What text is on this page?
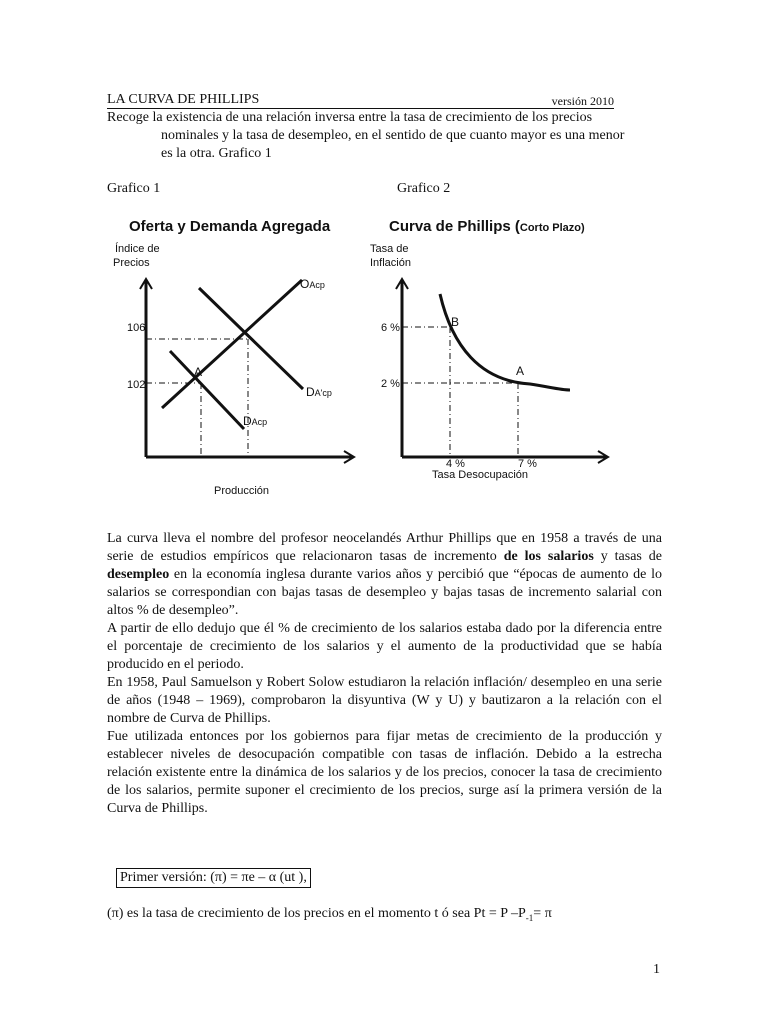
LA CURVA DE PHILLIPS	versión 2010
Recoge la existencia de una relación inversa entre la tasa de crecimiento de los precios
nominales y la tasa de desempleo, en el sentido de que cuanto mayor es una menor
es la otra. Grafico 1
Grafico 1	Grafico 2
Oferta y Demanda Agregada
Índice de
Precios
OAcp
DA'cp
DAcp
106
102
A
Producción
Curva de Phillips (Corto Plazo)
Tasa de
Inflación
6 %
2 %
4 %	7 %
Tasa Desocupación
B
A

La curva lleva el nombre del profesor neocelandés Arthur Phillips que en 1958 a través de una serie de estudios empíricos que relacionaron tasas de incremento de los salarios y tasas de desempleo en la economía inglesa durante varios años y percibió que “épocas de aumento de lo salarios se correspondian con bajas tasas de desempleo y bajas tasas de incremento salarial con altos % de desempleo”.

A partir de ello dedujo que él % de crecimiento de los salarios estaba dado por la diferencia entre el porcentaje de crecimiento de los salarios y el aumento de la productividad que se había producido en el periodo.

En 1958, Paul Samuelson y Robert Solow estudiaron la relación inflación/ desempleo en una serie de años (1948 – 1969), comprobaron la disyuntiva (W y U) y bautizaron a la relación con el nombre de Curva de Phillips.

Fue utilizada entonces por los gobiernos para fijar metas de crecimiento de la producción y establecer niveles de desocupación compatible con tasas de inflación. Debido a la estrecha relación existente entre la dinámica de los salarios y de los precios, conocer la tasa de crecimiento de los salarios, permite suponer el crecimiento de los precios, surge así la primera versión de la Curva de Phillips.

Primer versión: (π) = πe – α (ut ),
(π) es la tasa de crecimiento de los precios en el momento t ó sea Pt = P $-P_{-1}= \pi$
1
